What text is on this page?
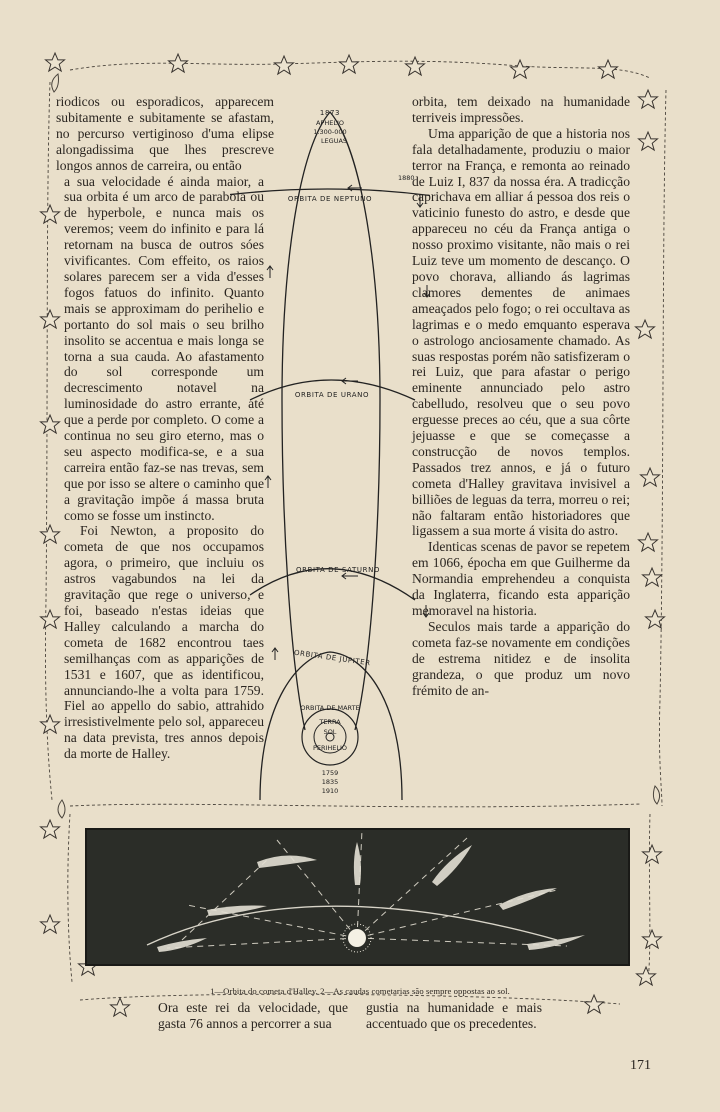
riodicos ou esporadicos, apparecem subitamente e subitamente se afastam, no percurso vertiginoso d'uma elipse alongadissima que lhes prescreve longos annos de carreira, ou então

a sua velocidade é ainda maior, a sua orbita é um arco de parabola ou de hyperbole, e nunca mais os veremos; veem do infinito e para lá retornam na busca de outros sóes vivificantes. Com effeito, os raios solares parecem ser a vida d'esses fogos fatuos do infinito. Quanto mais se approximam do perihelio e portanto do sol mais o seu brilho insolito se accentua e mais longa se torna a sua cauda. Ao afastamento do sol corresponde um decrescimento notavel na luminosidade do astro errante, até que a perde por completo. O come a continua no seu giro eterno, mas o seu aspecto modifica-se, e a sua carreira então faz-se nas trevas, sem que por isso se altere o caminho que a gravitação impõe á massa bruta como se fosse um instincto.

Foi Newton, a proposito do cometa de que nos occupamos agora, o primeiro, que incluiu os astros vagabundos na lei da gravitação que rege o universo, e foi, baseado n'estas ideias que Halley calculando a marcha do cometa de 1682 encontrou taes semilhanças com as apparições de 1531 e 1607, que as identificou, annunciando-lhe a volta para 1759. Fiel ao appello do sabio, attrahido irresistivelmente pelo sol, appareceu na data prevista, tres annos depois da morte de Halley.

1873
APHELIO
1.300-000
LEGUAS
1880
ORBITA DE NEPTUNO
ORBITA DE URANO
ORBITA DE SATURNO
ORBITA DE JUPITER
ORBITA DE MARTE
TERRA
SOL
PERIHELIO
1759
1835
1910

orbita, tem deixado na humanidade terriveis impressões.

Uma apparição de que a historia nos fala detalhadamente, produziu o maior terror na França, e remonta ao reinado de Luiz I, 837 da nossa éra. A tradicção caprichava em alliar á pessoa dos reis o vaticinio funesto do astro, e desde que appareceu no céu da França antiga o nosso proximo visitante, não mais o rei Luiz teve um momento de descanço. O povo chorava, alliando ás lagrimas clamores dementes de animaes ameaçados pelo fogo; o rei occultava as lagrimas e o medo emquanto esperava o astrologo anciosamente chamado. As suas respostas porém não satisfizeram o rei Luiz, que para afastar o perigo eminente annunciado pelo astro cabelludo, resolveu que o seu povo erguesse preces ao céu, que a sua côrte jejuasse e que se começasse a construcção de novos templos. Passados trez annos, e já o futuro cometa d'Halley gravitava invisivel a billiões de leguas da terra, morreu o rei; não faltaram então historiadores que ligassem a sua morte á visita do astro.

Identicas scenas de pavor se repetem em 1066, épocha em que Guilherme da Normandia emprehendeu a conquista da Inglaterra, ficando esta apparição memoravel na historia.

Seculos mais tarde a apparição do cometa faz-se novamente em condições de estrema nitidez e de insolita grandeza, o que produz um novo frémito de an-

1—Orbita do cometa d'Halley. 2—As caudas cometarias são sempre oppostas ao sol.
Ora este rei da velocidade, que gasta 76 annos a percorrer a sua
gustia na humanidade e mais accentuado que os precedentes.
171
